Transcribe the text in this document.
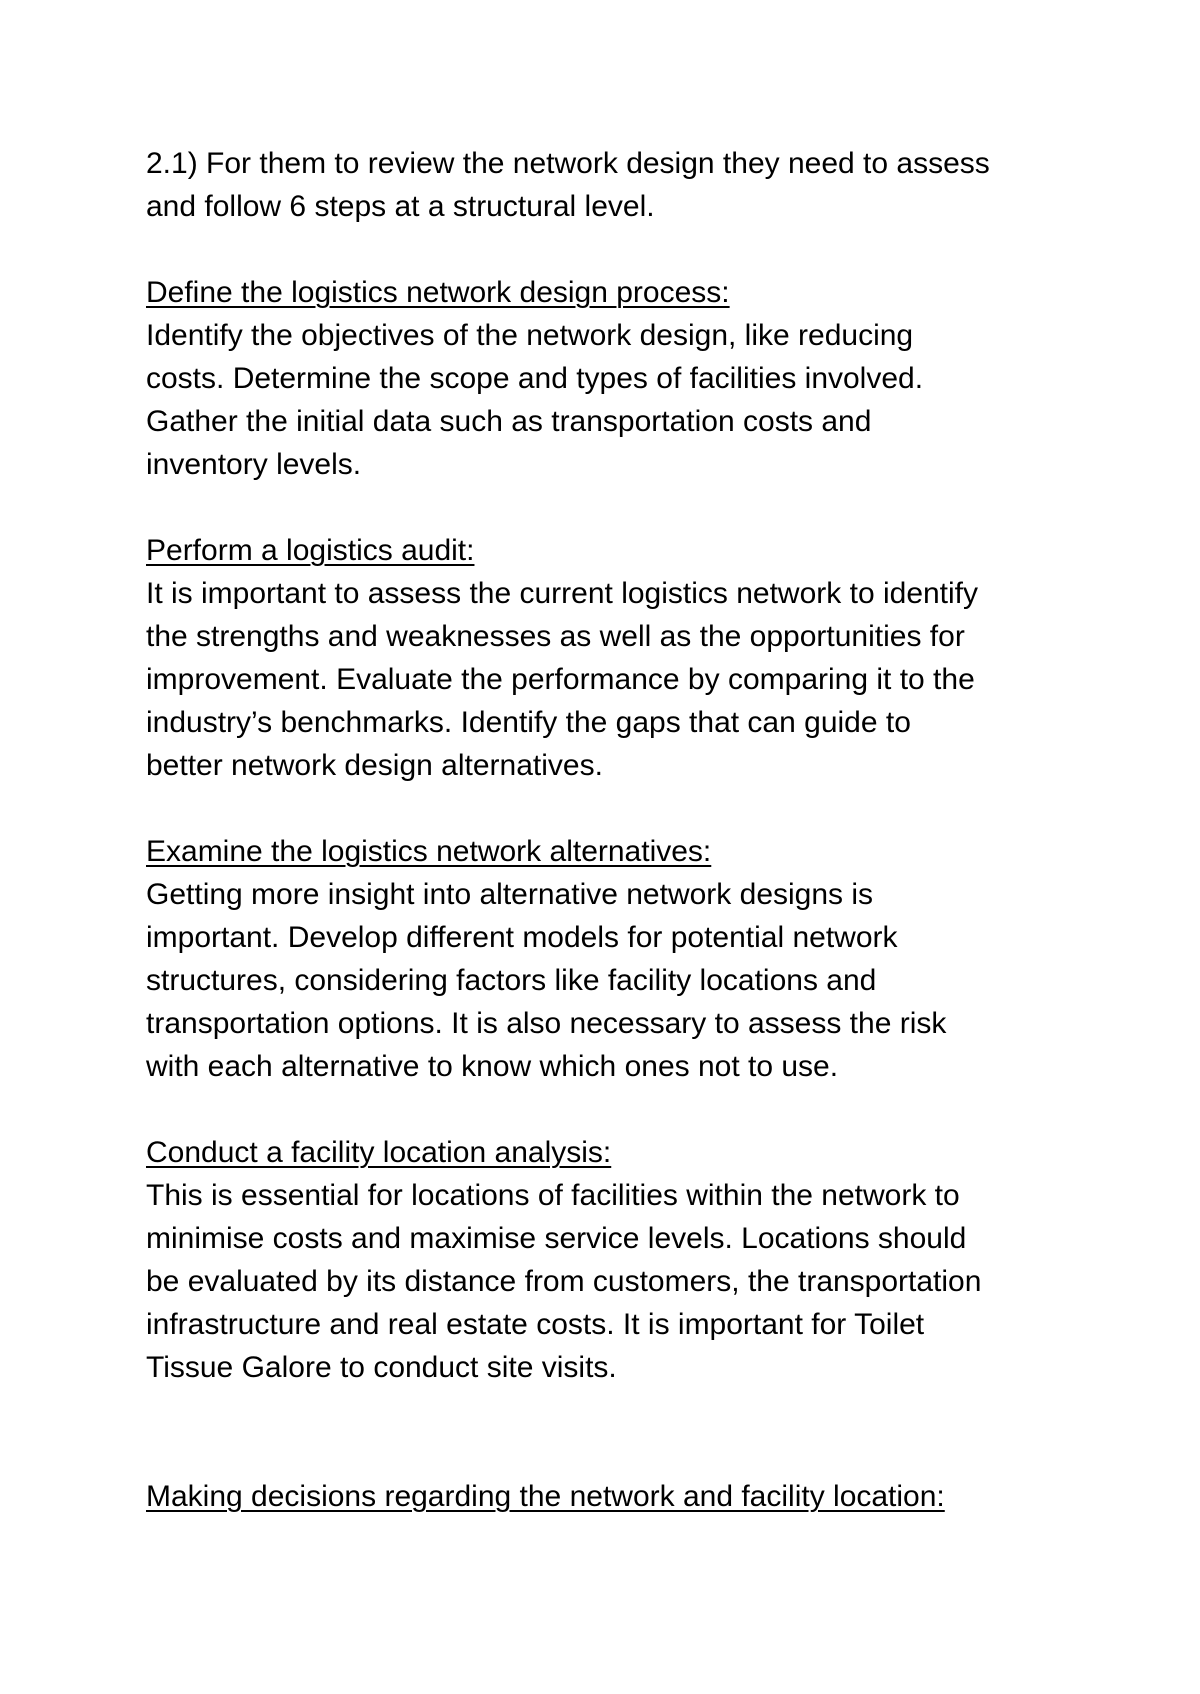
2.1) For them to review the network design they need to assess
and follow 6 steps at a structural level.
Define the logistics network design process:
Identify the objectives of the network design, like reducing
costs. Determine the scope and types of facilities involved.
Gather the initial data such as transportation costs and
inventory levels.
Perform a logistics audit:
It is important to assess the current logistics network to identify
the strengths and weaknesses as well as the opportunities for
improvement. Evaluate the performance by comparing it to the
industry’s benchmarks. Identify the gaps that can guide to
better network design alternatives.
Examine the logistics network alternatives:
Getting more insight into alternative network designs is
important. Develop different models for potential network
structures, considering factors like facility locations and
transportation options. It is also necessary to assess the risk
with each alternative to know which ones not to use.
Conduct a facility location analysis:
This is essential for locations of facilities within the network to
minimise costs and maximise service levels. Locations should
be evaluated by its distance from customers, the transportation
infrastructure and real estate costs. It is important for Toilet
Tissue Galore to conduct site visits.
Making decisions regarding the network and facility location:
